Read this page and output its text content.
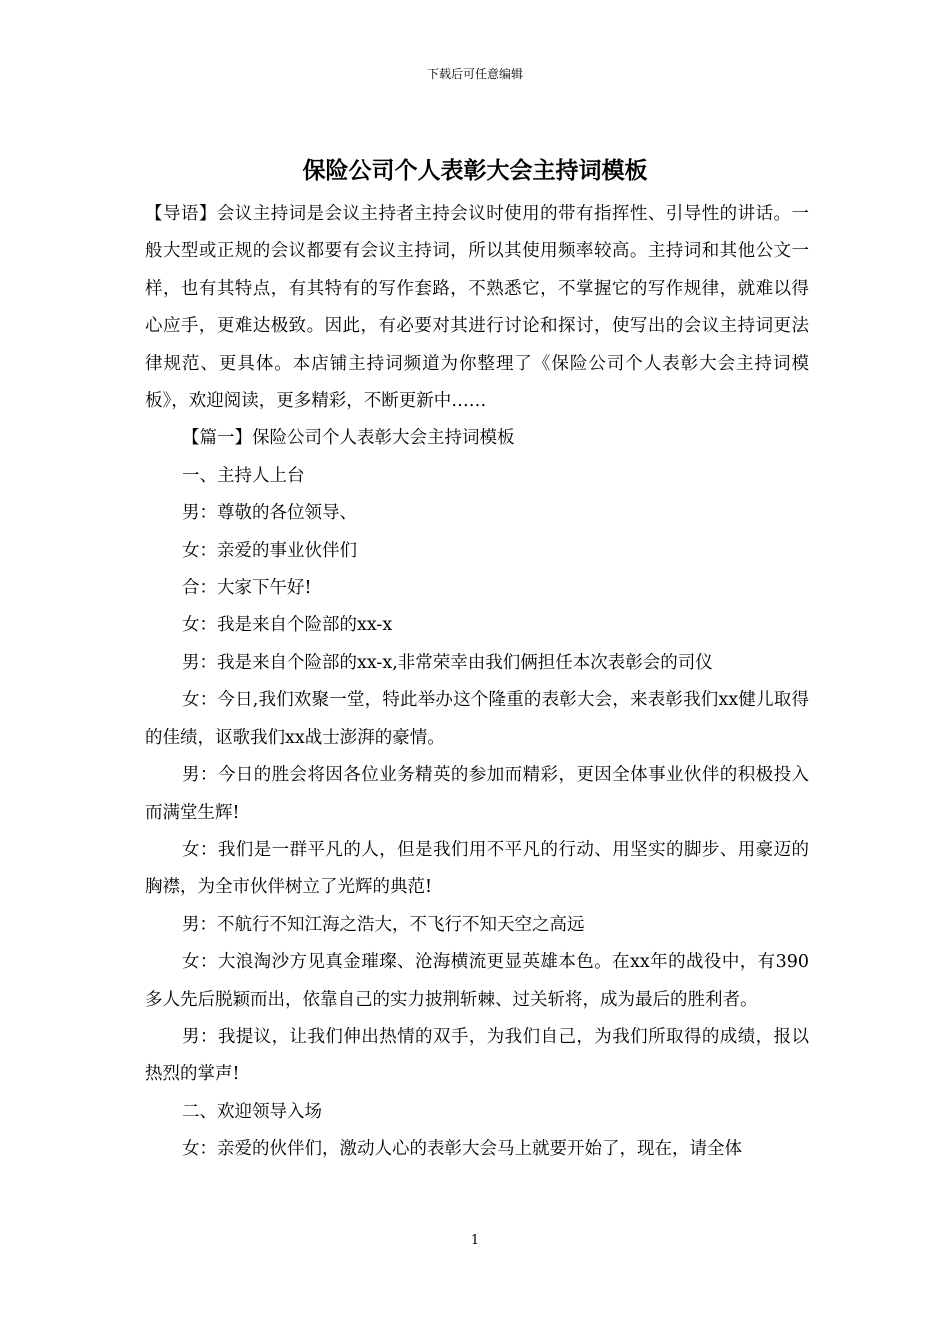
下载后可任意编辑
保险公司个人表彰大会主持词模板

【导语】会议主持词是会议主持者主持会议时使用的带有指挥性、引导性的讲话。一般大型或正规的会议都要有会议主持词，所以其使用频率较高。主持词和其他公文一样，也有其特点，有其特有的写作套路，不熟悉它，不掌握它的写作规律，就难以得心应手，更难达极致。因此，有必要对其进行讨论和探讨，使写出的会议主持词更法律规范、更具体。本店铺主持词频道为你整理了《保险公司个人表彰大会主持词模板》，欢迎阅读，更多精彩，不断更新中……

【篇一】保险公司个人表彰大会主持词模板

一、主持人上台

男：尊敬的各位领导、

女：亲爱的事业伙伴们

合：大家下午好!

女：我是来自个险部的xx-x

男：我是来自个险部的xx-x,非常荣幸由我们俩担任本次表彰会的司仪

女：今日,我们欢聚一堂，特此举办这个隆重的表彰大会，来表彰我们xx健儿取得的佳绩，讴歌我们xx战士澎湃的豪情。

男：今日的胜会将因各位业务精英的参加而精彩，更因全体事业伙伴的积极投入而满堂生辉!

女：我们是一群平凡的人，但是我们用不平凡的行动、用坚实的脚步、用豪迈的胸襟，为全市伙伴树立了光辉的典范!

男：不航行不知江海之浩大，不飞行不知天空之高远

女：大浪淘沙方见真金璀璨、沧海横流更显英雄本色。在xx年的战役中，有390多人先后脱颖而出，依靠自己的实力披荆斩棘、过关斩将，成为最后的胜利者。

男：我提议，让我们伸出热情的双手，为我们自己，为我们所取得的成绩，报以热烈的掌声!

二、欢迎领导入场

女：亲爱的伙伴们，激动人心的表彰大会马上就要开始了，现在，请全体

1
